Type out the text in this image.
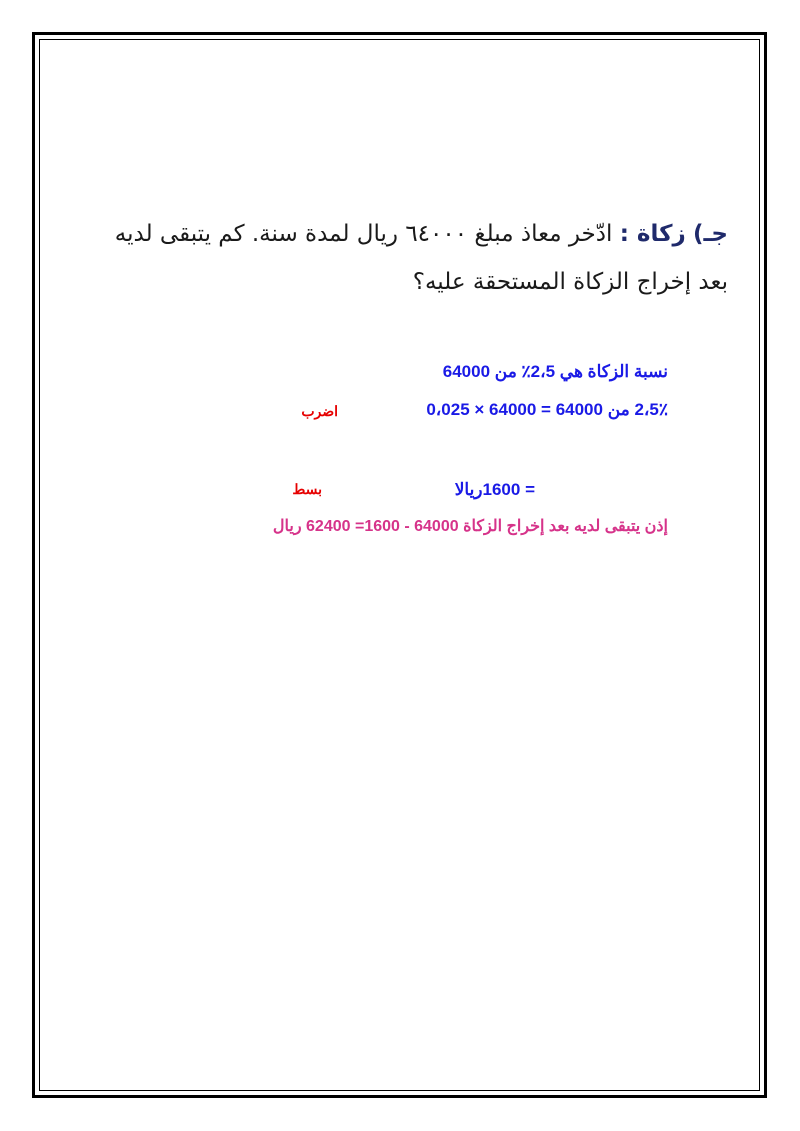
جـ) زكاة : ادّخر معاذ مبلغ ٦٤٠٠٠ ريال لمدة سنة. كم يتبقى لديه بعد إخراج الزكاة المستحقة عليه؟
نسبة الزكاة هي 2،5٪ من 64000
2،5٪ من 64000 = 64000 × 0،025
اضرب
= 1600ريالا
بسط
إذن يتبقى لديه بعد إخراج الزكاة 64000 - 1600= 62400 ريال
